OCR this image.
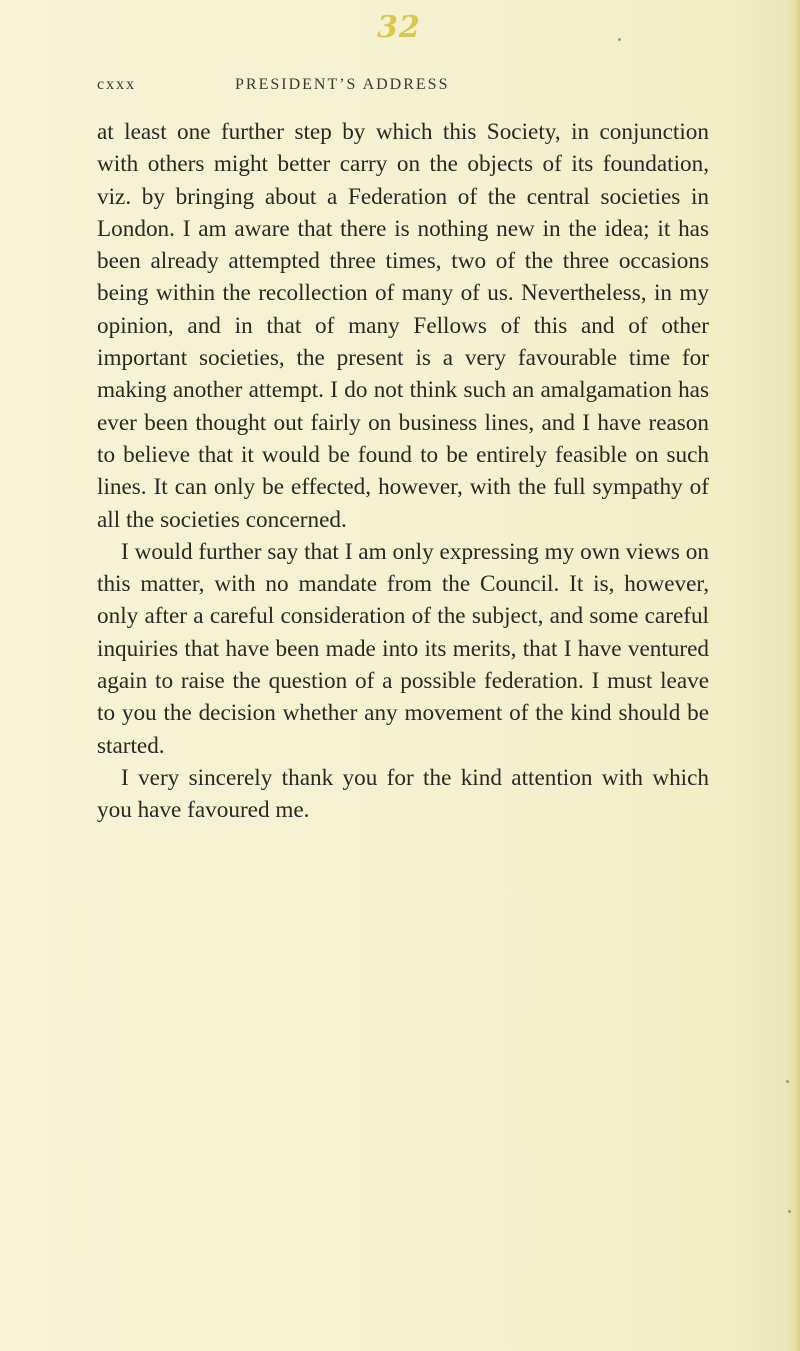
32
cxxx	PRESIDENT’S ADDRESS

at least one further step by which this Society, in conjunction with others might better carry on the objects of its foundation, viz. by bringing about a Federation of the central societies in London. I am aware that there is nothing new in the idea; it has been already attempted three times, two of the three occasions being within the recollection of many of us. Nevertheless, in my opinion, and in that of many Fellows of this and of other important societies, the present is a very favourable time for making another attempt. I do not think such an amalgamation has ever been thought out fairly on business lines, and I have reason to believe that it would be found to be entirely feasible on such lines. It can only be effected, however, with the full sympathy of all the societies concerned.

I would further say that I am only expressing my own views on this matter, with no mandate from the Council. It is, however, only after a careful consideration of the subject, and some careful inquiries that have been made into its merits, that I have ventured again to raise the question of a possible federation. I must leave to you the decision whether any movement of the kind should be started.

I very sincerely thank you for the kind attention with which you have favoured me.
